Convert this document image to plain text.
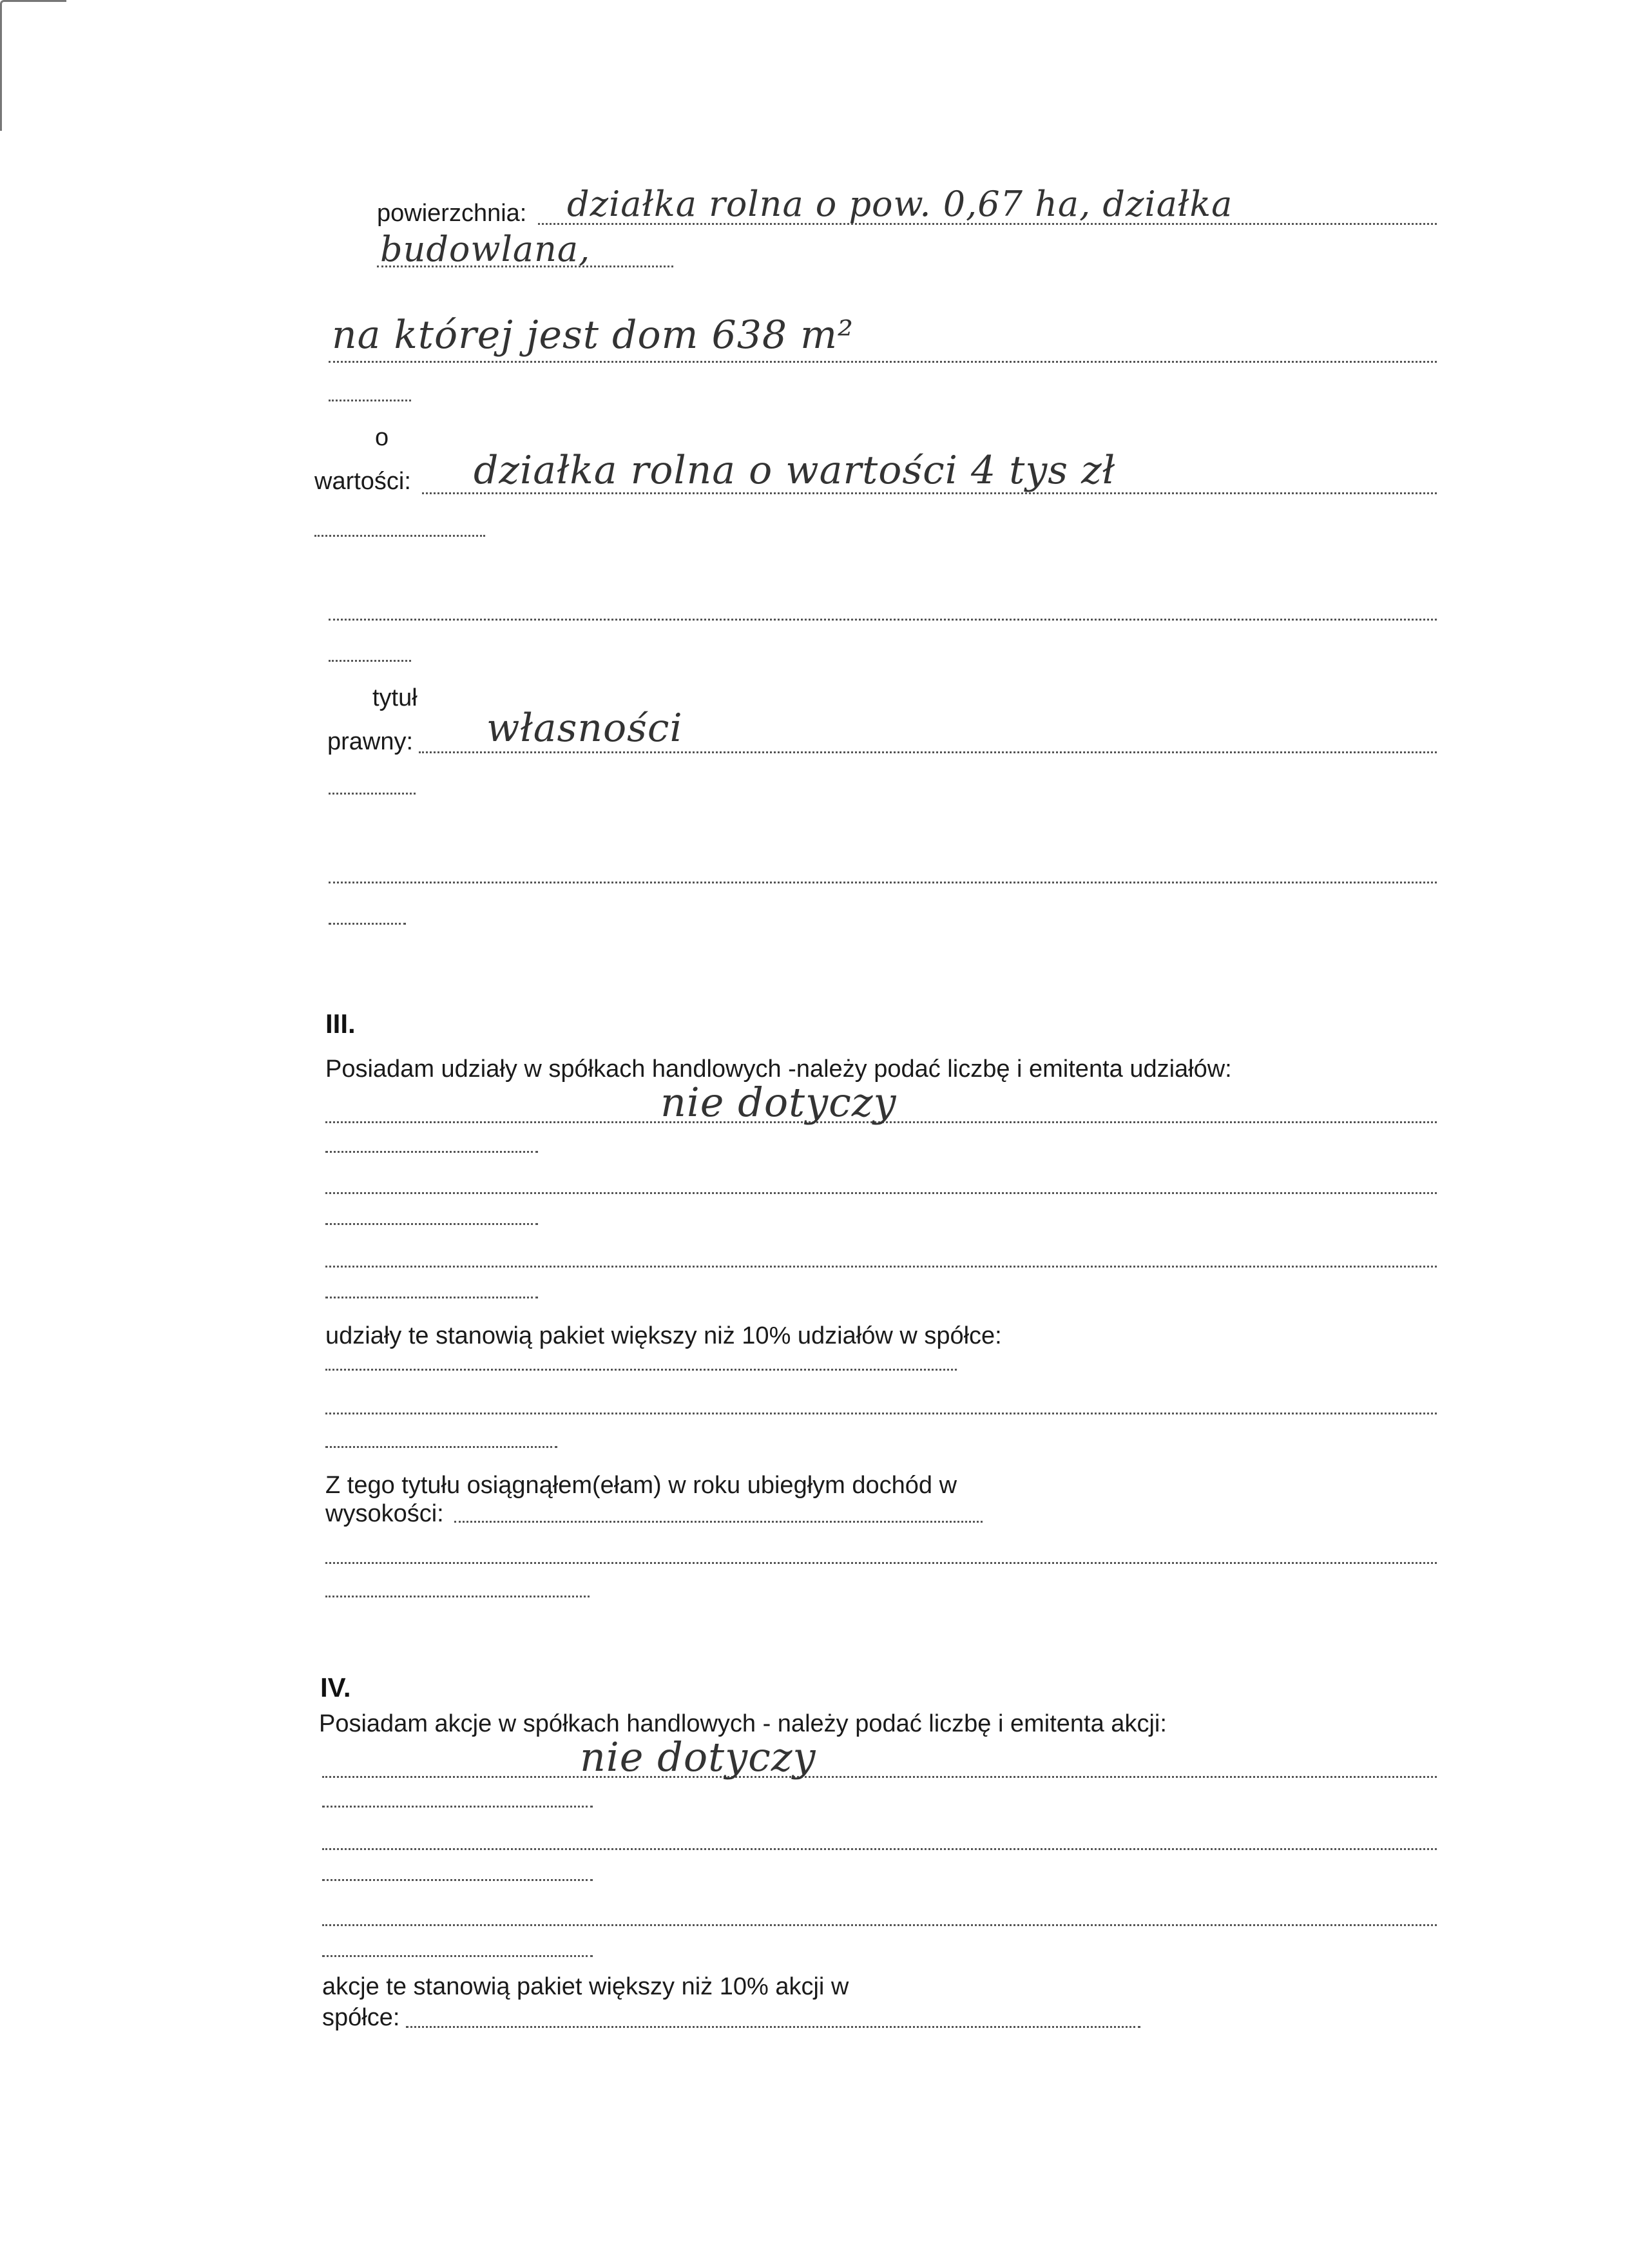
powierzchnia: działka rolna o pow. 0,67 ha, działka
budowlana,
na której jest dom 638 m²
o
wartości: działka rolna o wartości 4 tys zł
tytuł
prawny: własności
III.
Posiadam udziały w spółkach handlowych -należy podać liczbę i emitenta udziałów:
nie dotyczy
udziały te stanowią pakiet większy niż 10% udziałów w spółce:
Z tego tytułu osiągnąłem(ełam) w roku ubiegłym dochód w
wysokości:
IV.
Posiadam akcje w spółkach handlowych - należy podać liczbę i emitenta akcji:
nie dotyczy
akcje te stanowią pakiet większy niż 10% akcji w
spółce:
